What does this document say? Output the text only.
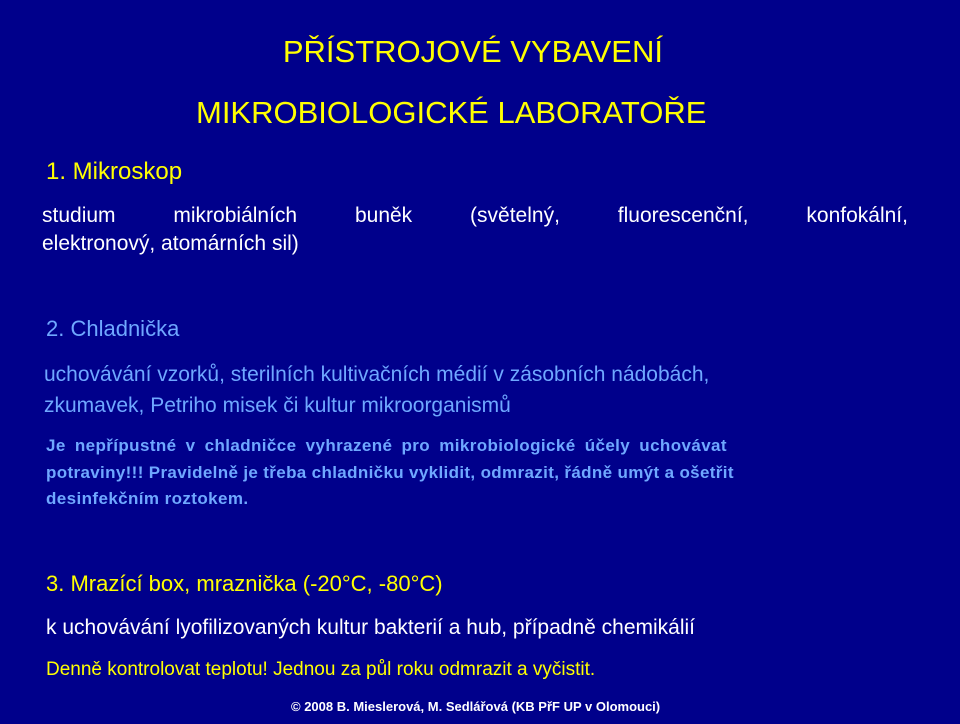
PŘÍSTROJOVÉ VYBAVENÍ
MIKROBIOLOGICKÉ LABORATOŘE
1. Mikroskop
studium	mikrobiálních	buněk	(světelný,	fluorescenční,	konfokální,
elektronový, atomárních sil)
2. Chladnička
uchovávání vzorků, sterilních kultivačních médií v zásobních nádobách,
zkumavek, Petriho misek či kultur mikroorganismů
Je nepřípustné v chladničce vyhrazené pro mikrobiologické účely uchovávat
potraviny!!! Pravidelně je třeba chladničku vyklidit, odmrazit, řádně umýt a ošetřit
desinfekčním roztokem.
3. Mrazící box, mraznička (-20°C, -80°C)
k uchovávání lyofilizovaných kultur bakterií a hub, případně chemikálií
Denně kontrolovat teplotu! Jednou za půl roku odmrazit a vyčistit.
© 2008 B. Mieslerová, M. Sedlářová (KB PřF UP v Olomouci)
